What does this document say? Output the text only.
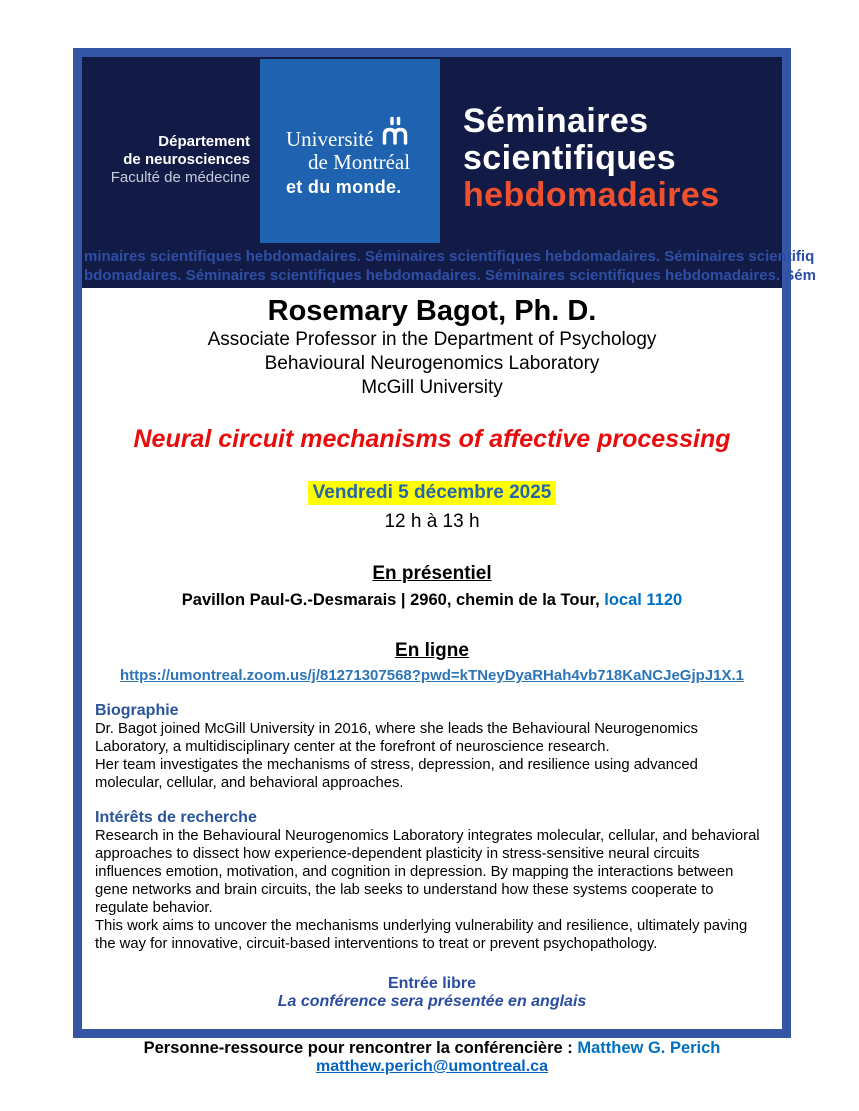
Département
de neurosciences
Faculté de médecine
Université
de Montréal
et du monde.
Séminaires
scientifiques
hebdomadaires
minaires scientifiques hebdomadaires. Séminaires scientifiques hebdomadaires. Séminaires scientifiq
bdomadaires. Séminaires scientifiques hebdomadaires. Séminaires scientifiques hebdomadaires. Sém
Rosemary Bagot, Ph. D.
Associate Professor in the Department of Psychology
Behavioural Neurogenomics Laboratory
McGill University
Neural circuit mechanisms of affective processing
Vendredi 5 décembre 2025
12 h à 13 h
En présentiel
Pavillon Paul-G.-Desmarais | 2960, chemin de la Tour, local 1120
En ligne
https://umontreal.zoom.us/j/81271307568?pwd=kTNeyDyaRHah4vb718KaNCJeGjpJ1X.1
Biographie
Dr. Bagot joined McGill University in 2016, where she leads the Behavioural Neurogenomics Laboratory, a multidisciplinary center at the forefront of neuroscience research.
Her team investigates the mechanisms of stress, depression, and resilience using advanced molecular, cellular, and behavioral approaches.
Intérêts de recherche
Research in the Behavioural Neurogenomics Laboratory integrates molecular, cellular, and behavioral approaches to dissect how experience-dependent plasticity in stress-sensitive neural circuits influences emotion, motivation, and cognition in depression. By mapping the interactions between gene networks and brain circuits, the lab seeks to understand how these systems cooperate to regulate behavior.
This work aims to uncover the mechanisms underlying vulnerability and resilience, ultimately paving the way for innovative, circuit-based interventions to treat or prevent psychopathology.
Entrée libre
La conférence sera présentée en anglais
Personne-ressource pour rencontrer la conférencière : Matthew G. Perich
matthew.perich@umontreal.ca
